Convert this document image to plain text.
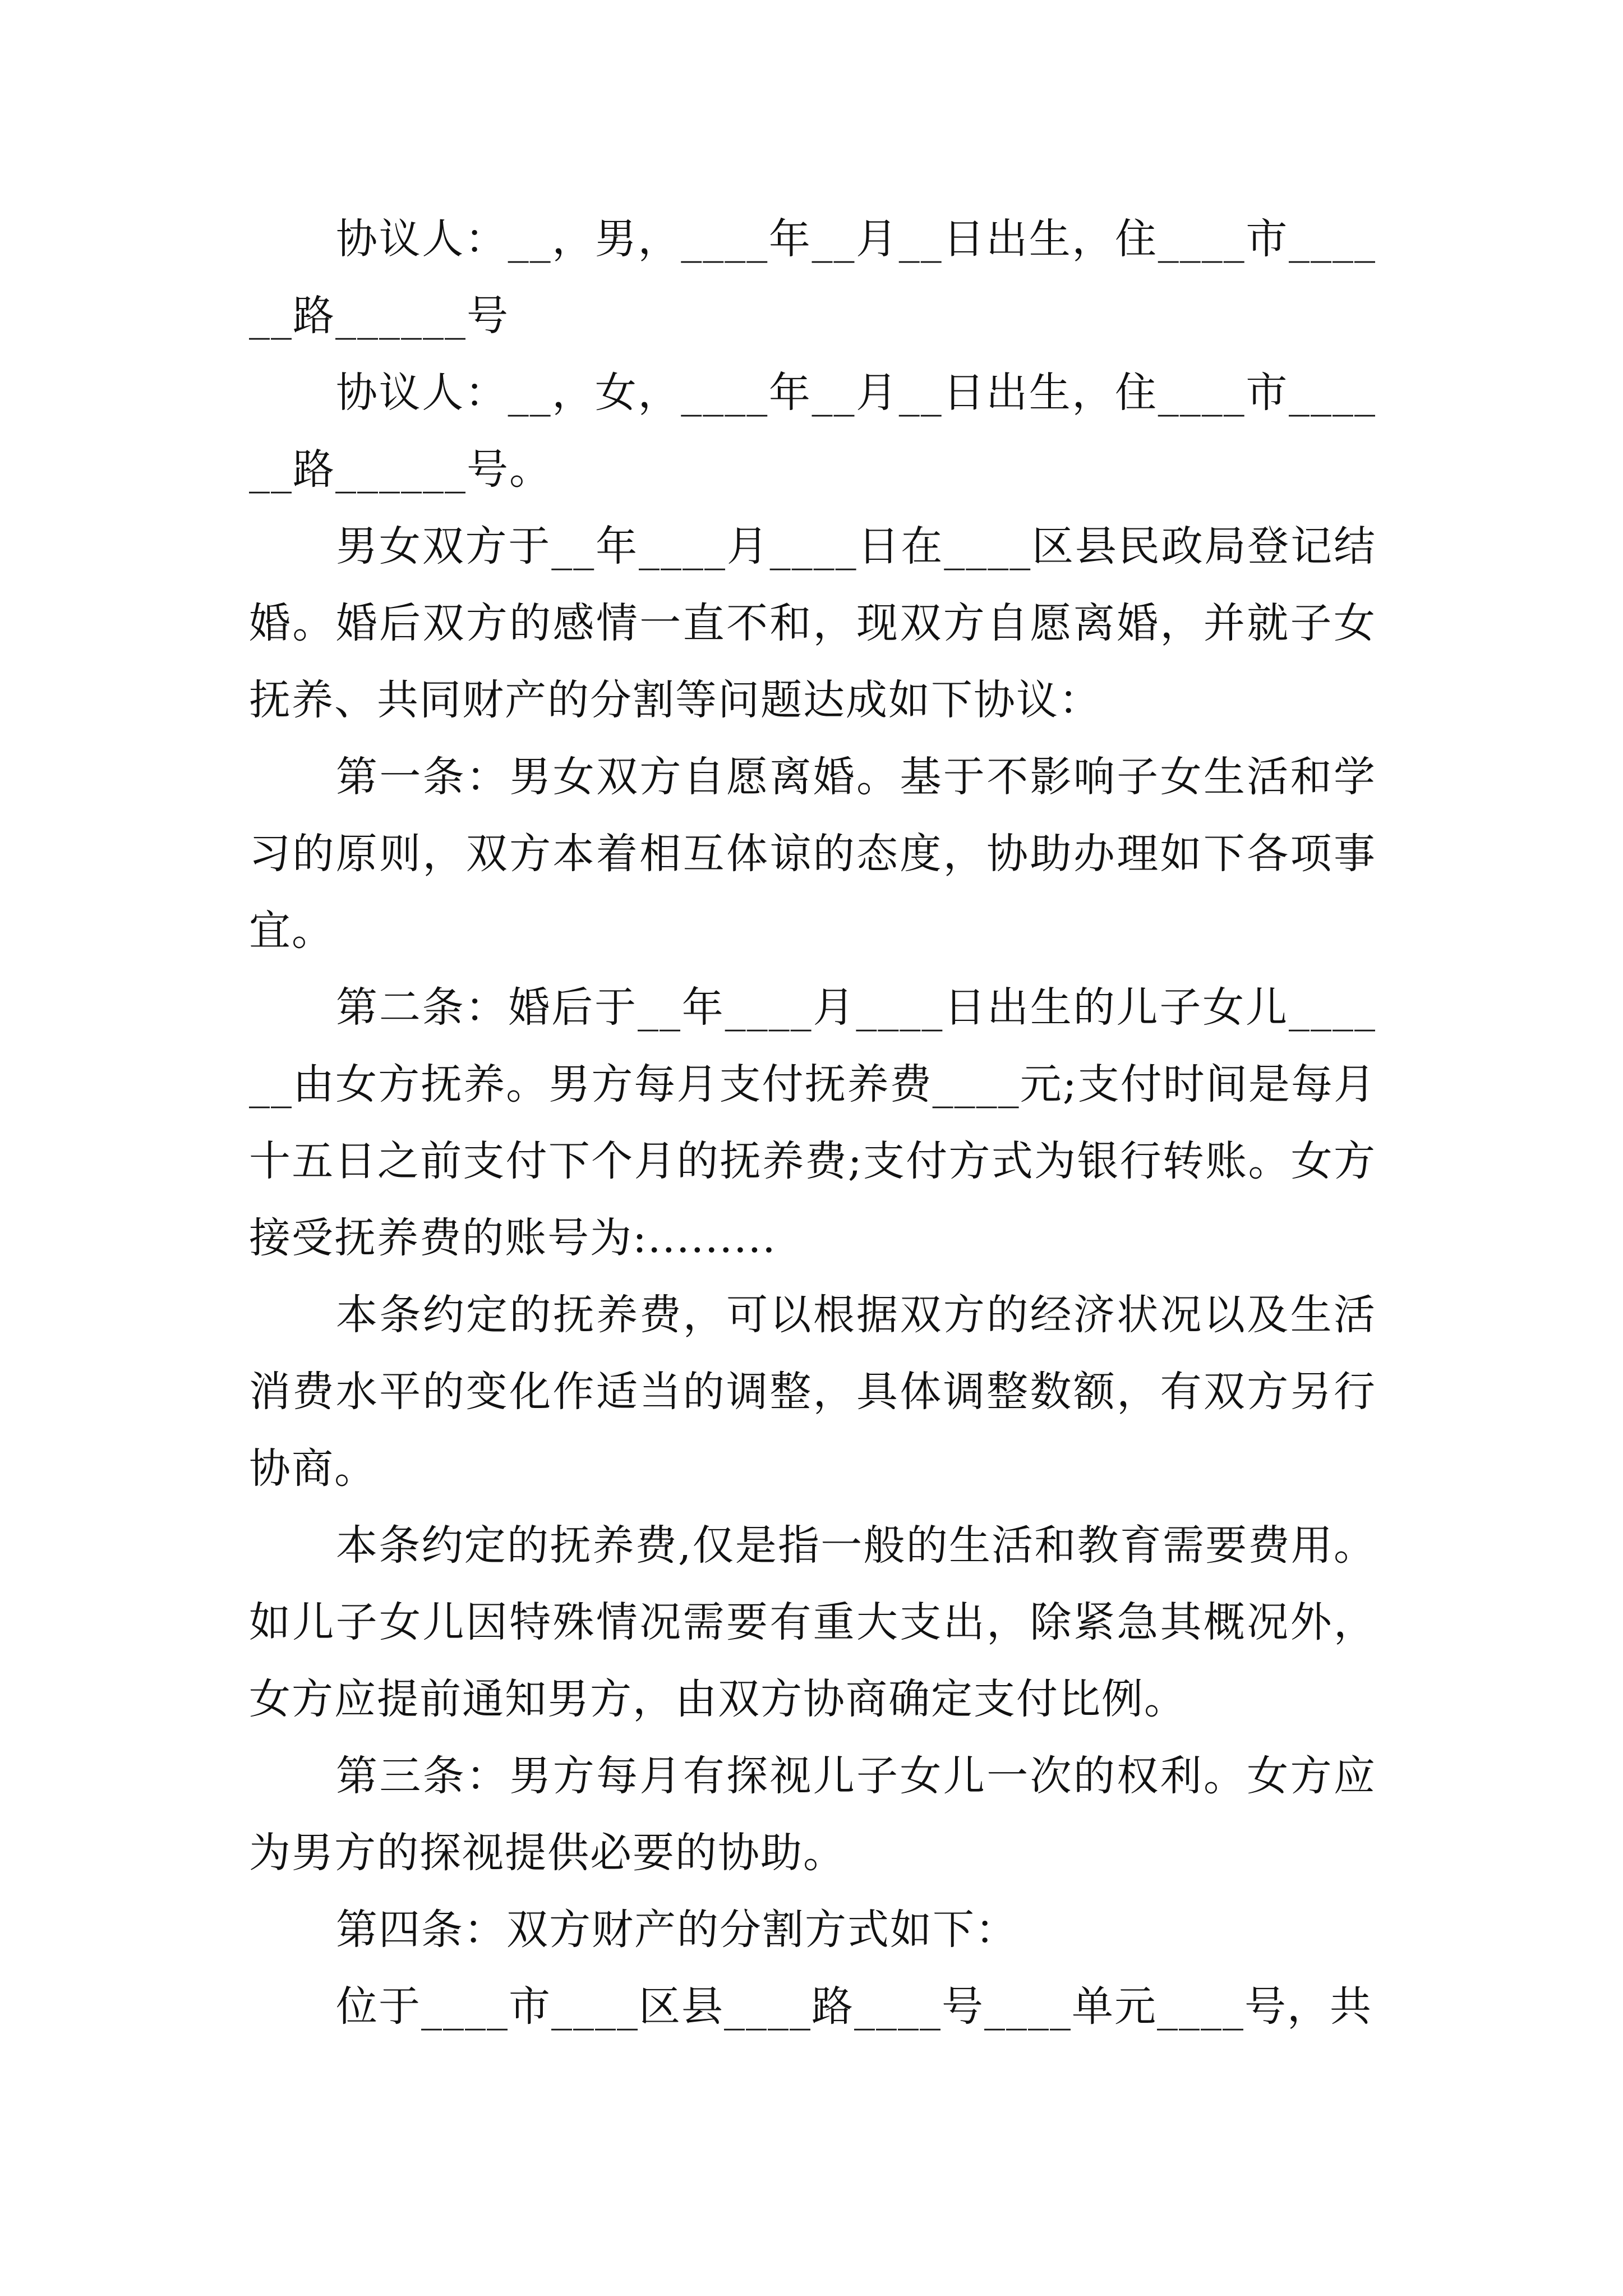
协议人：__，男，____年__月__日出生，住____市______路______号

协议人：__，女，____年__月__日出生，住____市______路______号。

男女双方于__年____月____日在____区县民政局登记结婚。婚后双方的感情一直不和，现双方自愿离婚，并就子女抚养、共同财产的分割等问题达成如下协议：

第一条：男女双方自愿离婚。基于不影响子女生活和学习的原则，双方本着相互体谅的态度，协助办理如下各项事宜。

第二条：婚后于__年____月____日出生的儿子女儿______由女方抚养。男方每月支付抚养费____元;支付时间是每月十五日之前支付下个月的抚养费;支付方式为银行转账。女方接受抚养费的账号为:.........

本条约定的抚养费，可以根据双方的经济状况以及生活消费水平的变化作适当的调整，具体调整数额，有双方另行协商。

本条约定的抚养费,仅是指一般的生活和教育需要费用。如儿子女儿因特殊情况需要有重大支出，除紧急其概况外，女方应提前通知男方，由双方协商确定支付比例。

第三条：男方每月有探视儿子女儿一次的权利。女方应为男方的探视提供必要的协助。

第四条：双方财产的分割方式如下：

位于____市____区县____路____号____单元____号，共
